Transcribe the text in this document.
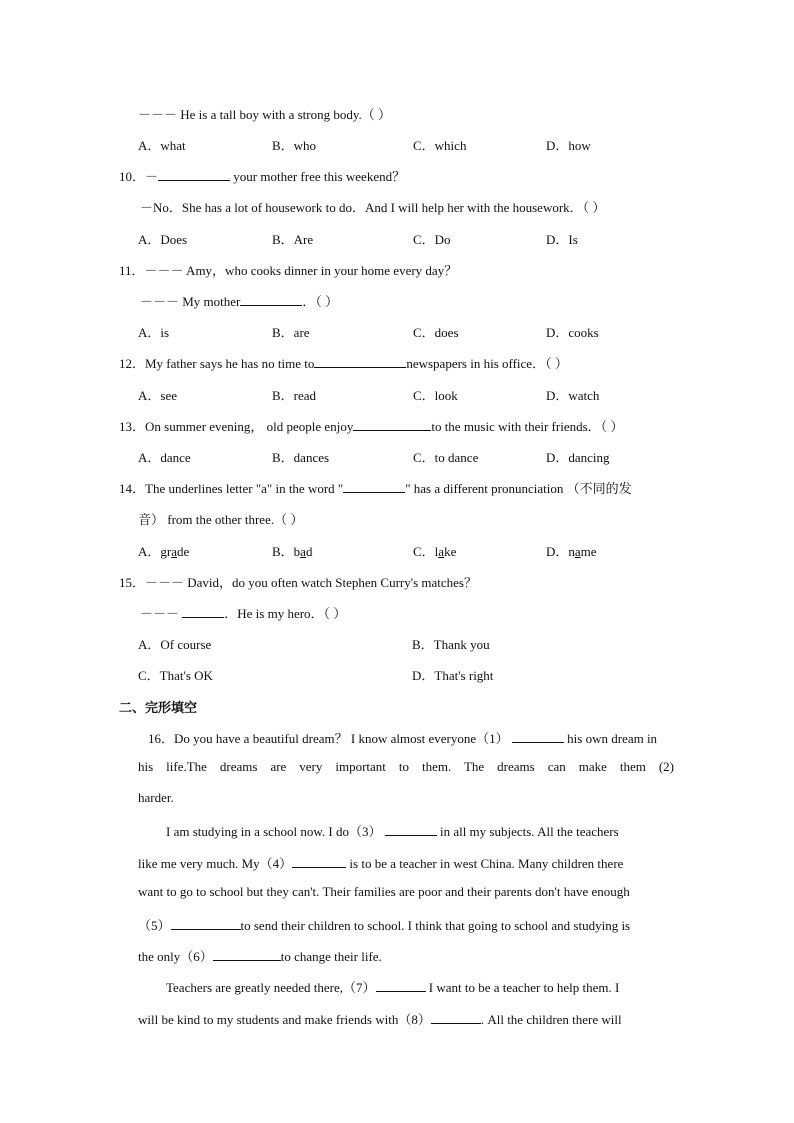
－－－ He is a tall boy with a strong body.（ ）
A．what	B．who	C．which	D．how
10．－	your mother free this weekend？
－No．She has a lot of housework to do．And I will help her with the housework．（ ）
A．Does	B．Are	C．Do	D．Is
11．－－－ Amy，who cooks dinner in your home every day？
－－－ My mother	．（ ）
A．is	B．are	C．does	D．cooks
12．My father says he has no time to	newspapers in his office．（ ）
A．see	B．read	C．look	D．watch
13．On summer evening， old people enjoy	to the music with their friends．（ ）
A．dance	B．dances	C．to dance	D．dancing
14．The underlines letter "a" in the word "	" has a different pronunciation （不同的发
音） from the other three.（ ）
A．grade	B．bad	C．lake	D．name
15．－－－ David，do you often watch Stephen Curry's matches？
－－－	．He is my hero．（ ）
A．Of course	B．Thank you
C．That's OK	D．That's right
二、完形填空
16．Do you have a beautiful dream？ I know almost everyone（1）	his own dream in
his life.The dreams are very important to them. The dreams can make them (2)
harder.
I am studying in a school now. I do（3）	in all my subjects. All the teachers
like me very much. My（4）	is to be a teacher in west China. Many children there
want to go to school but they can't. Their families are poor and their parents don't have enough
（5）	to send their children to school. I think that going to school and studying is
the only（6）	to change their life.
Teachers are greatly needed there,（7）	I want to be a teacher to help them. I
will be kind to my students and make friends with（8）	. All the children there will
